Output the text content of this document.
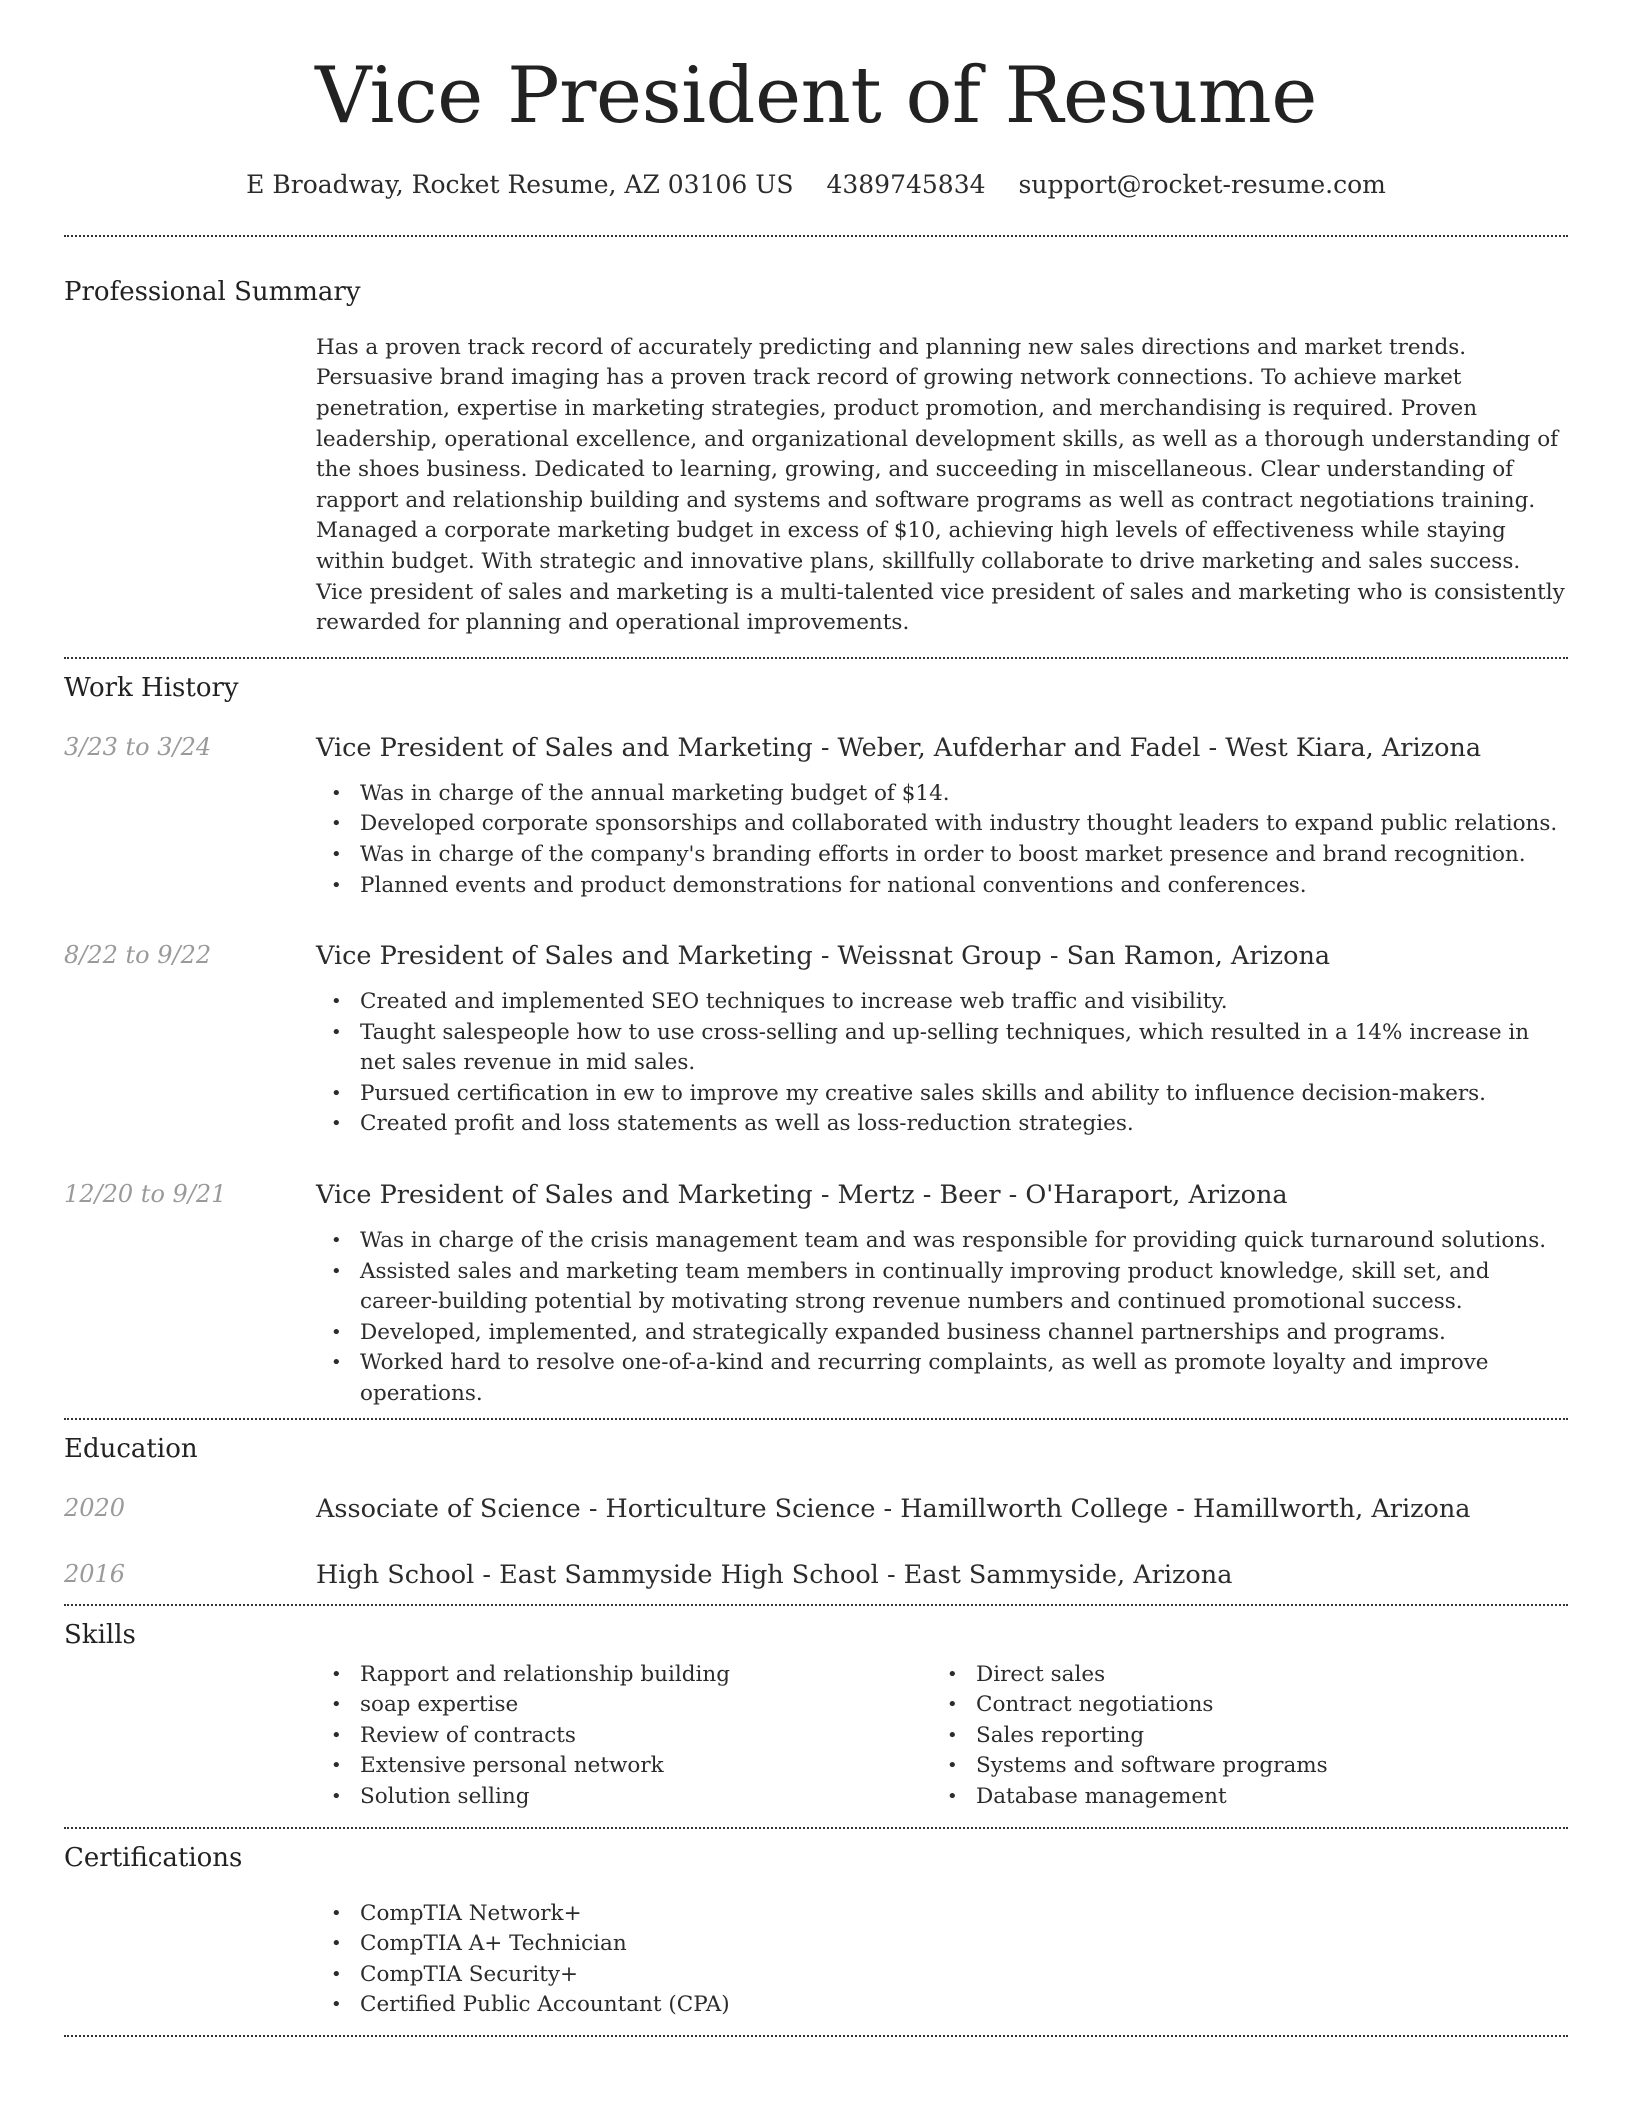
Vice President of Resume
E Broadway, Rocket Resume, AZ 03106 US 4389745834 support@rocket-resume.com
Professional Summary

Has a proven track record of accurately predicting and planning new sales directions and market trends. Persuasive brand imaging has a proven track record of growing network connections. To achieve market penetration, expertise in marketing strategies, product promotion, and merchandising is required. Proven leadership, operational excellence, and organizational development skills, as well as a thorough understanding of the shoes business. Dedicated to learning, growing, and succeeding in miscellaneous. Clear understanding of rapport and relationship building and systems and software programs as well as contract negotiations training. Managed a corporate marketing budget in excess of $10, achieving high levels of effectiveness while staying within budget. With strategic and innovative plans, skillfully collaborate to drive marketing and sales success. Vice president of sales and marketing is a multi-talented vice president of sales and marketing who is consistently rewarded for planning and operational improvements.

Work History
3/23 to 3/24	Vice President of Sales and Marketing - Weber, Aufderhar and Fadel - West Kiara, Arizona
• Was in charge of the annual marketing budget of $14.
• Developed corporate sponsorships and collaborated with industry thought leaders to expand public relations.
• Was in charge of the company's branding efforts in order to boost market presence and brand recognition.
• Planned events and product demonstrations for national conventions and conferences.
8/22 to 9/22	Vice President of Sales and Marketing - Weissnat Group - San Ramon, Arizona
• Created and implemented SEO techniques to increase web traffic and visibility.
• Taught salespeople how to use cross-selling and up-selling techniques, which resulted in a 14% increase in net sales revenue in mid sales.
• Pursued certification in ew to improve my creative sales skills and ability to influence decision-makers.
• Created profit and loss statements as well as loss-reduction strategies.
12/20 to 9/21	Vice President of Sales and Marketing - Mertz - Beer - O'Haraport, Arizona
• Was in charge of the crisis management team and was responsible for providing quick turnaround solutions.
• Assisted sales and marketing team members in continually improving product knowledge, skill set, and career-building potential by motivating strong revenue numbers and continued promotional success.
• Developed, implemented, and strategically expanded business channel partnerships and programs.
• Worked hard to resolve one-of-a-kind and recurring complaints, as well as promote loyalty and improve operations.
Education
2020	Associate of Science - Horticulture Science - Hamillworth College - Hamillworth, Arizona
2016	High School - East Sammyside High School - East Sammyside, Arizona
Skills
• Rapport and relationship building
• soap expertise
• Review of contracts
• Extensive personal network
• Solution selling
• Direct sales
• Contract negotiations
• Sales reporting
• Systems and software programs
• Database management
Certifications
• CompTIA Network+
• CompTIA A+ Technician
• CompTIA Security+
• Certified Public Accountant (CPA)
